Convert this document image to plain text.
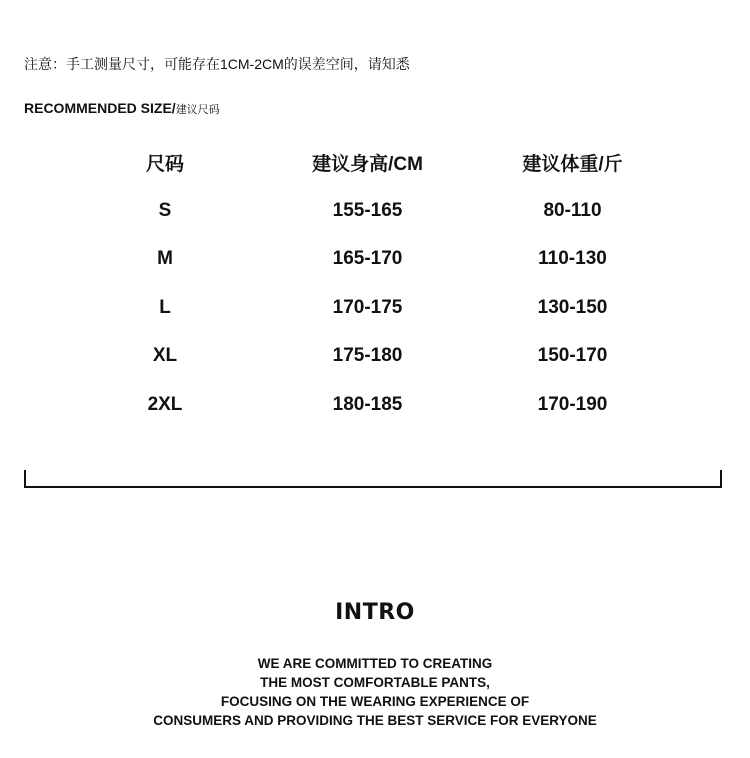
注意：手工测量尺寸，可能存在1CM-2CM的误差空间，请知悉
RECOMMENDED SIZE/建议尺码
尺码	建议身高/CM	建议体重/斤
S	155-165	80-110
M	165-170	110-130
L	170-175	130-150
XL	175-180	150-170
2XL	180-185	170-190
INTRO
WE ARE COMMITTED TO CREATING
THE MOST COMFORTABLE PANTS,
FOCUSING ON THE WEARING EXPERIENCE OF
CONSUMERS AND PROVIDING THE BEST SERVICE FOR EVERYONE
